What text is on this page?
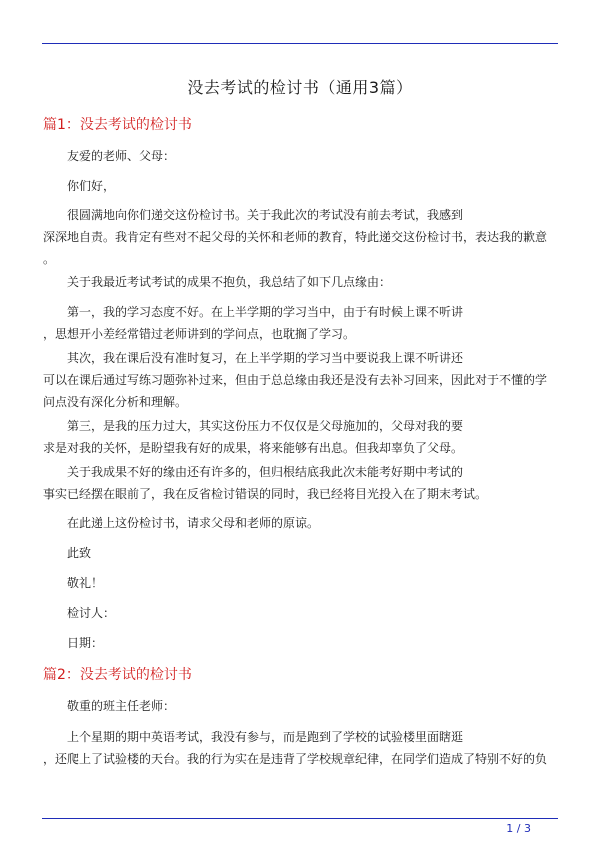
没去考试的检讨书（通用3篇）
篇1：没去考试的检讨书
友爱的老师、父母：
你们好，
很圆满地向你们递交这份检讨书。关于我此次的考试没有前去考试，我感到
深深地自责。我肯定有些对不起父母的关怀和老师的教育，特此递交这份检讨书，表达我的歉意
。
关于我最近考试考试的成果不抱负，我总结了如下几点缘由：
第一，我的学习态度不好。在上半学期的学习当中，由于有时候上课不听讲
，思想开小差经常错过老师讲到的学问点，也耽搁了学习。
其次，我在课后没有准时复习，在上半学期的学习当中要说我上课不听讲还
可以在课后通过写练习题弥补过来，但由于总总缘由我还是没有去补习回来，因此对于不懂的学
问点没有深化分析和理解。
第三，是我的压力过大，其实这份压力不仅仅是父母施加的，父母对我的要
求是对我的关怀，是盼望我有好的成果，将来能够有出息。但我却辜负了父母。
关于我成果不好的缘由还有许多的，但归根结底我此次未能考好期中考试的
事实已经摆在眼前了，我在反省检讨错误的同时，我已经将目光投入在了期末考试。
在此递上这份检讨书，请求父母和老师的原谅。
此致
敬礼！
检讨人：
日期：
篇2：没去考试的检讨书
敬重的班主任老师：
上个星期的期中英语考试，我没有参与，而是跑到了学校的试验楼里面瞎逛
，还爬上了试验楼的天台。我的行为实在是违背了学校规章纪律，在同学们造成了特别不好的负
1 / 3
